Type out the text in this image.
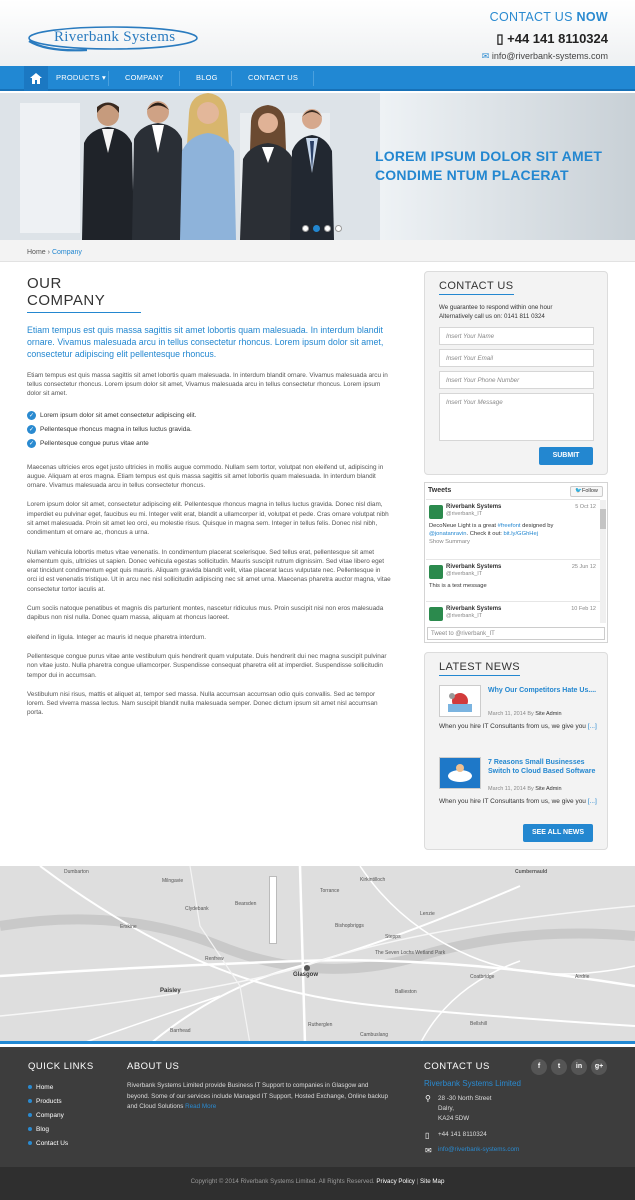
Riverbank Systems
CONTACT US NOW
▯ +44 141 8110324
✉ info@riverbank-systems.com
PRODUCTS ▾	COMPANY	BLOG	CONTACT US
LOREM IPSUM DOLOR SIT AMET
CONDIME NTUM PLACERAT
Home › Company
OUR COMPANY
Etiam tempus est quis massa sagittis sit amet lobortis quam malesuada. In interdum blandit ornare. Vivamus malesuada arcu in tellus consectetur rhoncus. Lorem ipsum dolor sit amet, consectetur adipiscing elit pellentesque rhoncus.
Etiam tempus est quis massa sagittis sit amet lobortis quam malesuada. In interdum blandit ornare. Vivamus malesuada arcu in tellus consectetur rhoncus. Lorem ipsum dolor sit amet, Vivamus malesuada arcu in tellus consectetur rhoncus. Lorem ipsum dolor sit amet.
✓ Lorem ipsum dolor sit amet consectetur adipiscing elit.
✓ Pellentesque rhoncus magna in tellus luctus gravida.
✓ Pellentesque congue purus vitae ante
Maecenas ultricies eros eget justo ultricies in mollis augue commodo. Nullam sem tortor, volutpat non eleifend ut, adipiscing in augue. Aliquam at eros magna. Etiam tempus est quis massa sagittis sit amet lobortis quam malesuada. In interdum blandit ornare. Vivamus malesuada arcu in tellus consectetur rhoncus.
Lorem ipsum dolor sit amet, consectetur adipiscing elit. Pellentesque rhoncus magna in tellus luctus gravida. Donec nisl diam, imperdiet eu pulvinar eget, faucibus eu mi. Integer velit erat, blandit a ullamcorper id, volutpat et pede. Cras ornare volutpat nibh sit amet malesuada. Proin sit amet leo orci, eu molestie risus. Quisque in magna sem. Integer in tellus felis. Donec nisl nibh, condimentum et ornare ac, rhoncus a urna.
Nullam vehicula lobortis metus vitae venenatis. In condimentum placerat scelerisque. Sed tellus erat, pellentesque sit amet elementum quis, ultricies ut sapien. Donec vehicula egestas sollicitudin. Mauris suscipit rutrum dignissim. Sed vitae libero eget erat tincidunt condimentum eget quis mauris. Aliquam gravida blandit velit, vitae placerat lacus vulputate nec. Pellentesque in orci id est venenatis tristique. Ut in arcu nec nisl sollicitudin adipiscing nec sit amet urna. Maecenas pharetra auctor magna, vitae consectetur tortor iaculis at.
Cum sociis natoque penatibus et magnis dis parturient montes, nascetur ridiculus mus. Proin suscipit nisi non eros malesuada dapibus non nisl nulla. Donec quam massa, aliquam at rhoncus laoreet.
eleifend in ligula. Integer ac mauris id neque pharetra interdum.
Pellentesque congue purus vitae ante vestibulum quis hendrerit quam vulputate. Duis hendrerit dui nec magna suscipit pulvinar non vitae justo. Nulla pharetra congue ullamcorper. Suspendisse consequat pharetra elit at imperdiet. Suspendisse sollicitudin tempor dui in accumsan.
Vestibulum nisi risus, mattis et aliquet at, tempor sed massa. Nulla accumsan accumsan odio quis convallis. Sed ac tempor lorem. Sed viverra massa lectus. Nam suscipit blandit nulla malesuada semper. Donec dictum ipsum sit amet nisl accumsan porta.
CONTACT US
We guarantee to respond within one hour
Alternatively call us on: 0141 811 0324
Insert Your Name
Insert Your Email
Insert Your Phone Number
Insert Your Message
SUBMIT
Tweets	🐦Follow
Riverbank Systems
@riverbank_IT
5 Oct 12
DecoNeue Light is a great #freefont designed by @jonatanravin. Check it out: bit.ly/GGhHej
Show Summary
Riverbank Systems
@riverbank_IT
25 Jun 12
This is a test message
Riverbank Systems
@riverbank_IT
10 Feb 12
Tweet to @riverbank_IT
LATEST NEWS
Why Our Competitors Hate Us....
March 11, 2014 By Site Admin
When you hire IT Consultants from us, we give you [...]
7 Reasons Small Businesses Switch to Cloud Based Software
March 11, 2014 By Site Admin
When you hire IT Consultants from us, we give you [...]
SEE ALL NEWS
Dumbarton
Milngavie	Kirkintilloch
Cumbernauld
Bearsden
Torrance
Clydebank
Bishopbriggs
Stepps
Erskine
Glasgow
Paisley
Rutherglen
Coatbridge	Airdrie
Renfrew
Barrhead
Cambuslang
Bellshill
Ballieston
Lenzie
The Seven Lochs Wetland Park
QUICK LINKS
Home
Products
Company
Blog
Contact Us
ABOUT US
Riverbank Systems Limited provide Business IT Support to companies in Glasgow and beyond. Some of our services include Managed IT Support, Hosted Exchange, Online backup and Cloud Solutions Read More
CONTACT US	f	t	in	g+
Riverbank Systems Limited
⚲	28 -30 North Street
Dalry,
KA24 5DW
▯	+44 141 8110324
✉ info@riverbank-systems.com
Copyright © 2014 Riverbank Systems Limited. All Rights Reserved. Privacy Policy | Site Map
